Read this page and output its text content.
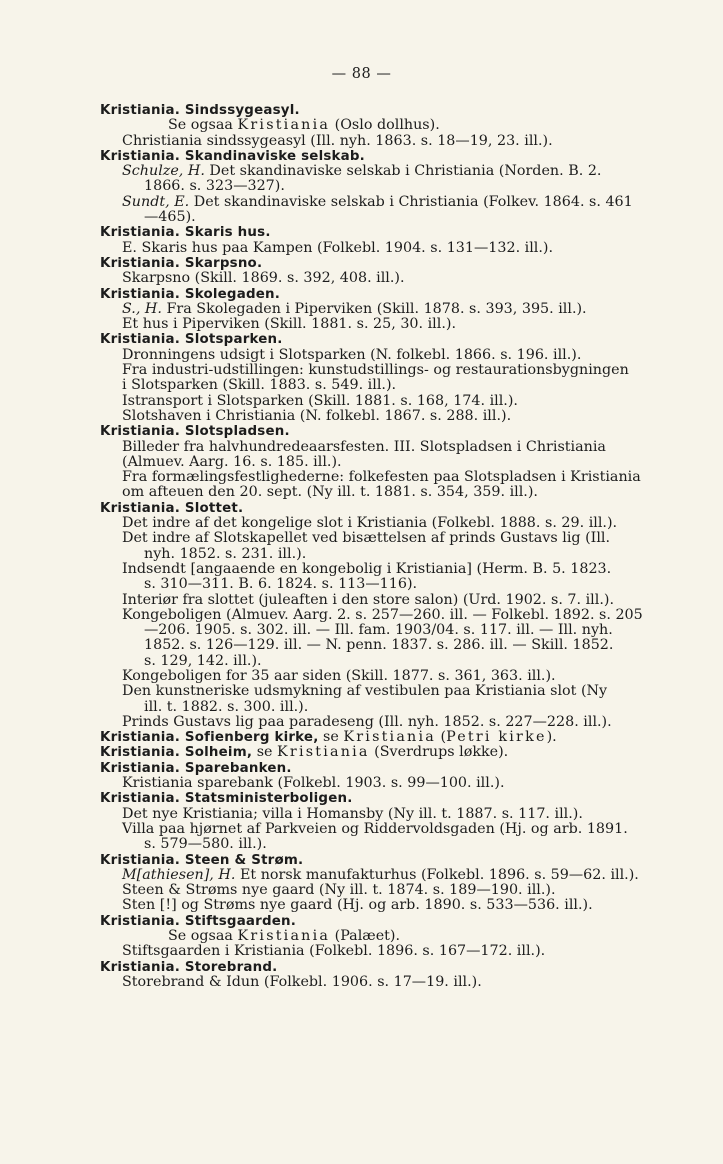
— 88 —
Kristiania. Sindssygeasyl.
Se ogsaa Kristiania (Oslo dollhus).
Christiania sindssygeasyl (Ill. nyh. 1863. s. 18—19, 23. ill.).
Kristiania. Skandinaviske selskab.
Schulze, H. Det skandinaviske selskab i Christiania (Norden. B. 2.
1866. s. 323—327).
Sundt, E. Det skandinaviske selskab i Christiania (Folkev. 1864. s. 461
—465).
Kristiania. Skaris hus.
E. Skaris hus paa Kampen (Folkebl. 1904. s. 131—132. ill.).
Kristiania. Skarpsno.
Skarpsno (Skill. 1869. s. 392, 408. ill.).
Kristiania. Skolegaden.
S., H. Fra Skolegaden i Piperviken (Skill. 1878. s. 393, 395. ill.).
Et hus i Piperviken (Skill. 1881. s. 25, 30. ill.).
Kristiania. Slotsparken.
Dronningens udsigt i Slotsparken (N. folkebl. 1866. s. 196. ill.).
Fra industri-udstillingen: kunstudstillings- og restaurationsbygningen
i Slotsparken (Skill. 1883. s. 549. ill.).
Istransport i Slotsparken (Skill. 1881. s. 168, 174. ill.).
Slotshaven i Christiania (N. folkebl. 1867. s. 288. ill.).
Kristiania. Slotspladsen.
Billeder fra halvhundredeaarsfesten. III. Slotspladsen i Christiania
(Almuev. Aarg. 16. s. 185. ill.).
Fra formælingsfestlighederne: folkefesten paa Slotspladsen i Kristiania
om afteuen den 20. sept. (Ny ill. t. 1881. s. 354, 359. ill.).
Kristiania. Slottet.
Det indre af det kongelige slot i Kristiania (Folkebl. 1888. s. 29. ill.).
Det indre af Slotskapellet ved bisættelsen af prinds Gustavs lig (Ill.
nyh. 1852. s. 231. ill.).
Indsendt [angaaende en kongebolig i Kristiania] (Herm. B. 5. 1823.
s. 310—311. B. 6. 1824. s. 113—116).
Interiør fra slottet (juleaften i den store salon) (Urd. 1902. s. 7. ill.).
Kongeboligen (Almuev. Aarg. 2. s. 257—260. ill. — Folkebl. 1892. s. 205
—206. 1905. s. 302. ill. — Ill. fam. 1903/04. s. 117. ill. — Ill. nyh.
1852. s. 126—129. ill. — N. penn. 1837. s. 286. ill. — Skill. 1852.
s. 129, 142. ill.).
Kongeboligen for 35 aar siden (Skill. 1877. s. 361, 363. ill.).
Den kunstneriske udsmykning af vestibulen paa Kristiania slot (Ny
ill. t. 1882. s. 300. ill.).
Prinds Gustavs lig paa paradeseng (Ill. nyh. 1852. s. 227—228. ill.).
Kristiania. Sofienberg kirke, se Kristiania (Petri kirke).
Kristiania. Solheim, se Kristiania (Sverdrups løkke).
Kristiania. Sparebanken.
Kristiania sparebank (Folkebl. 1903. s. 99—100. ill.).
Kristiania. Statsministerboligen.
Det nye Kristiania; villa i Homansby (Ny ill. t. 1887. s. 117. ill.).
Villa paa hjørnet af Parkveien og Riddervoldsgaden (Hj. og arb. 1891.
s. 579—580. ill.).
Kristiania. Steen & Strøm.
M[athiesen], H. Et norsk manufakturhus (Folkebl. 1896. s. 59—62. ill.).
Steen & Strøms nye gaard (Ny ill. t. 1874. s. 189—190. ill.).
Sten [!] og Strøms nye gaard (Hj. og arb. 1890. s. 533—536. ill.).
Kristiania. Stiftsgaarden.
Se ogsaa Kristiania (Palæet).
Stiftsgaarden i Kristiania (Folkebl. 1896. s. 167—172. ill.).
Kristiania. Storebrand.
Storebrand & Idun (Folkebl. 1906. s. 17—19. ill.).
